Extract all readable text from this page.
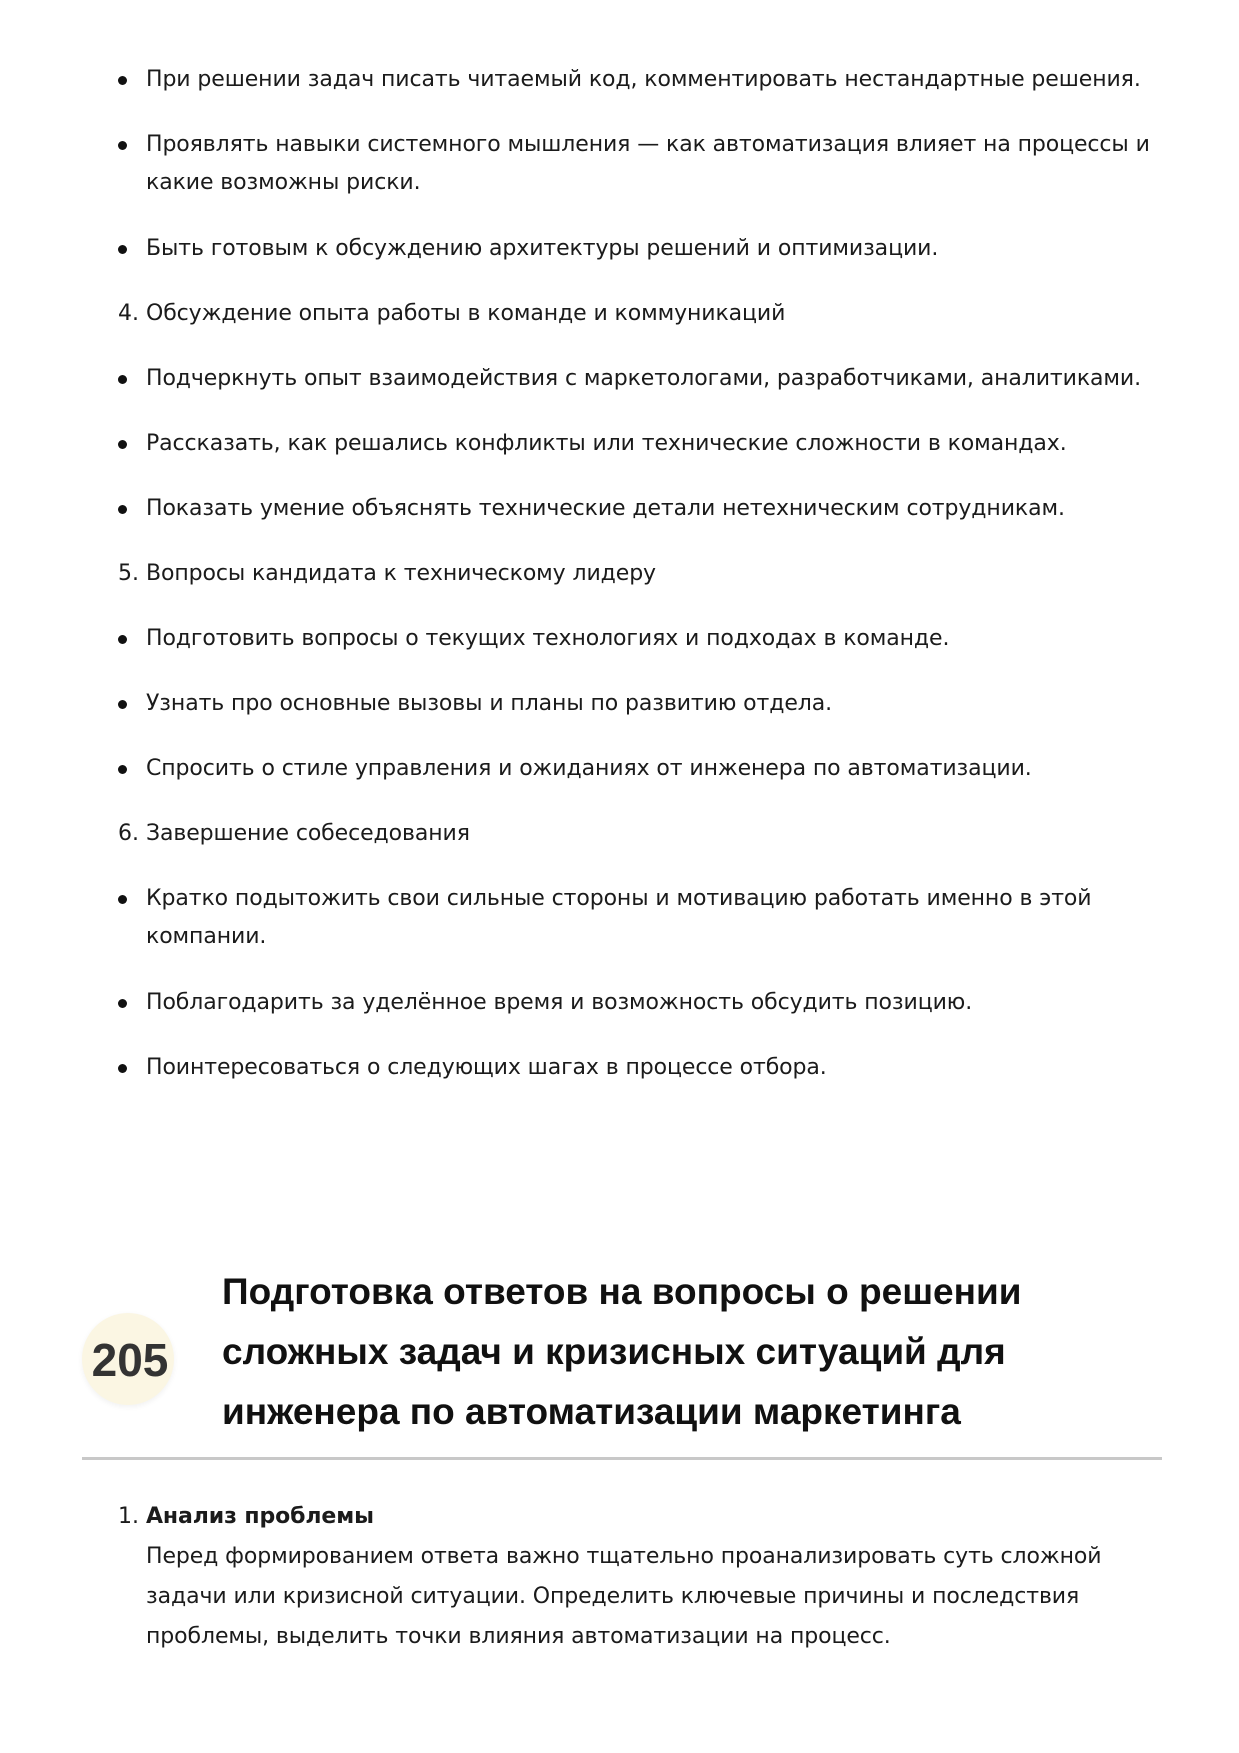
При решении задач писать читаемый код, комментировать нестандартные решения.
Проявлять навыки системного мышления — как автоматизация влияет на процессы и
какие возможны риски.
Быть готовым к обсуждению архитектуры решений и оптимизации.
4. Обсуждение опыта работы в команде и коммуникаций
Подчеркнуть опыт взаимодействия с маркетологами, разработчиками, аналитиками.
Рассказать, как решались конфликты или технические сложности в командах.
Показать умение объяснять технические детали нетехническим сотрудникам.
5. Вопросы кандидата к техническому лидеру
Подготовить вопросы о текущих технологиях и подходах в команде.
Узнать про основные вызовы и планы по развитию отдела.
Спросить о стиле управления и ожиданиях от инженера по автоматизации.
6. Завершение собеседования
Кратко подытожить свои сильные стороны и мотивацию работать именно в этой
компании.
Поблагодарить за уделённое время и возможность обсудить позицию.
Поинтересоваться о следующих шагах в процессе отбора.
205
Подготовка ответов на вопросы о решении
сложных задач и кризисных ситуаций для
инженера по автоматизации маркетинга
1. Анализ проблемы
Перед формированием ответа важно тщательно проанализировать суть сложной
задачи или кризисной ситуации. Определить ключевые причины и последствия
проблемы, выделить точки влияния автоматизации на процесс.
